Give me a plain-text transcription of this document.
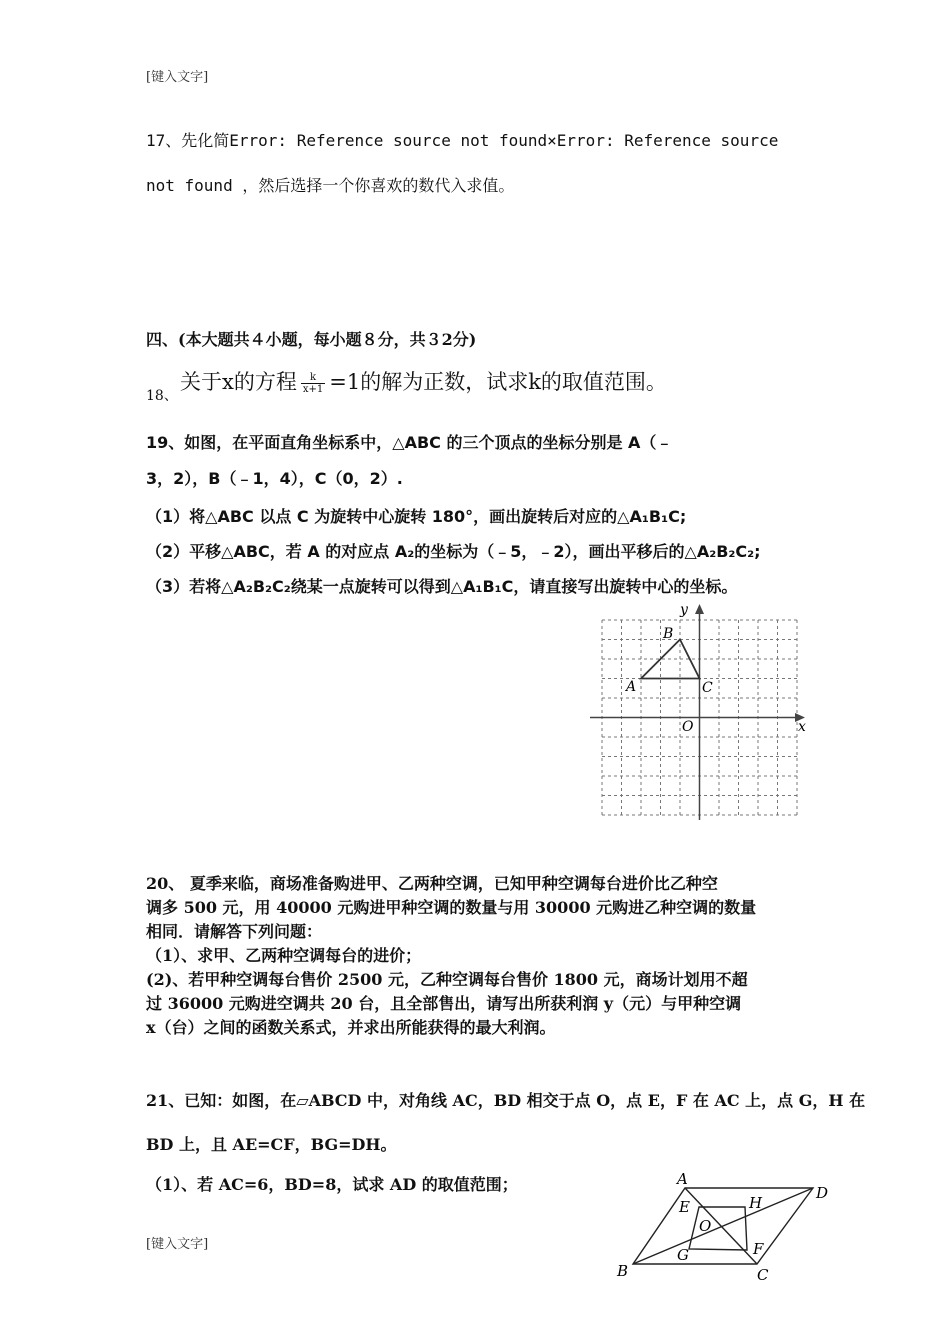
[键入文字]
17、先化简Error: Reference source not found×Error: Reference source
not found ，然后选择一个你喜欢的数代入求值。
四、(本大题共４小题，每小题８分，共３2分)
18、
关于x的方程 $\frac{k}{x+1} =1$的解为正数，试求k的取值范围。
19、如图，在平面直角坐标系中，△ABC 的三个顶点的坐标分别是 A（﹣
3，2），B（﹣1，4），C（0，2）.
（1）将△ABC 以点 C 为旋转中心旋转 180°，画出旋转后对应的△A₁B₁C;
（2）平移△ABC，若 A 的对应点 A₂的坐标为（﹣5，﹣2），画出平移后的△A₂B₂C₂;
（3）若将△A₂B₂C₂绕某一点旋转可以得到△A₁B₁C，请直接写出旋转中心的坐标。
y
x
A
B
C
O
20、 夏季来临，商场准备购进甲、乙两种空调，已知甲种空调每台进价比乙种空
调多 500 元，用 40000 元购进甲种空调的数量与用 30000 元购进乙种空调的数量
相同．请解答下列问题：
（1）、求甲、乙两种空调每台的进价；
(2)、若甲种空调每台售价 2500 元，乙种空调每台售价 1800 元，商场计划用不超
过 36000 元购进空调共 20 台，且全部售出，请写出所获利润 y（元）与甲种空调
x（台）之间的函数关系式，并求出所能获得的最大利润。
21、已知：如图，在▱ABCD 中，对角线 AC，BD 相交于点 O，点 E，F 在 AC 上，点 G，H 在
BD 上，且 AE=CF，BG=DH。
（1）、若 AC=6，BD=8，试求 AD 的取值范围；	A
D
B	C
E	H
O
G	F
[键入文字]
